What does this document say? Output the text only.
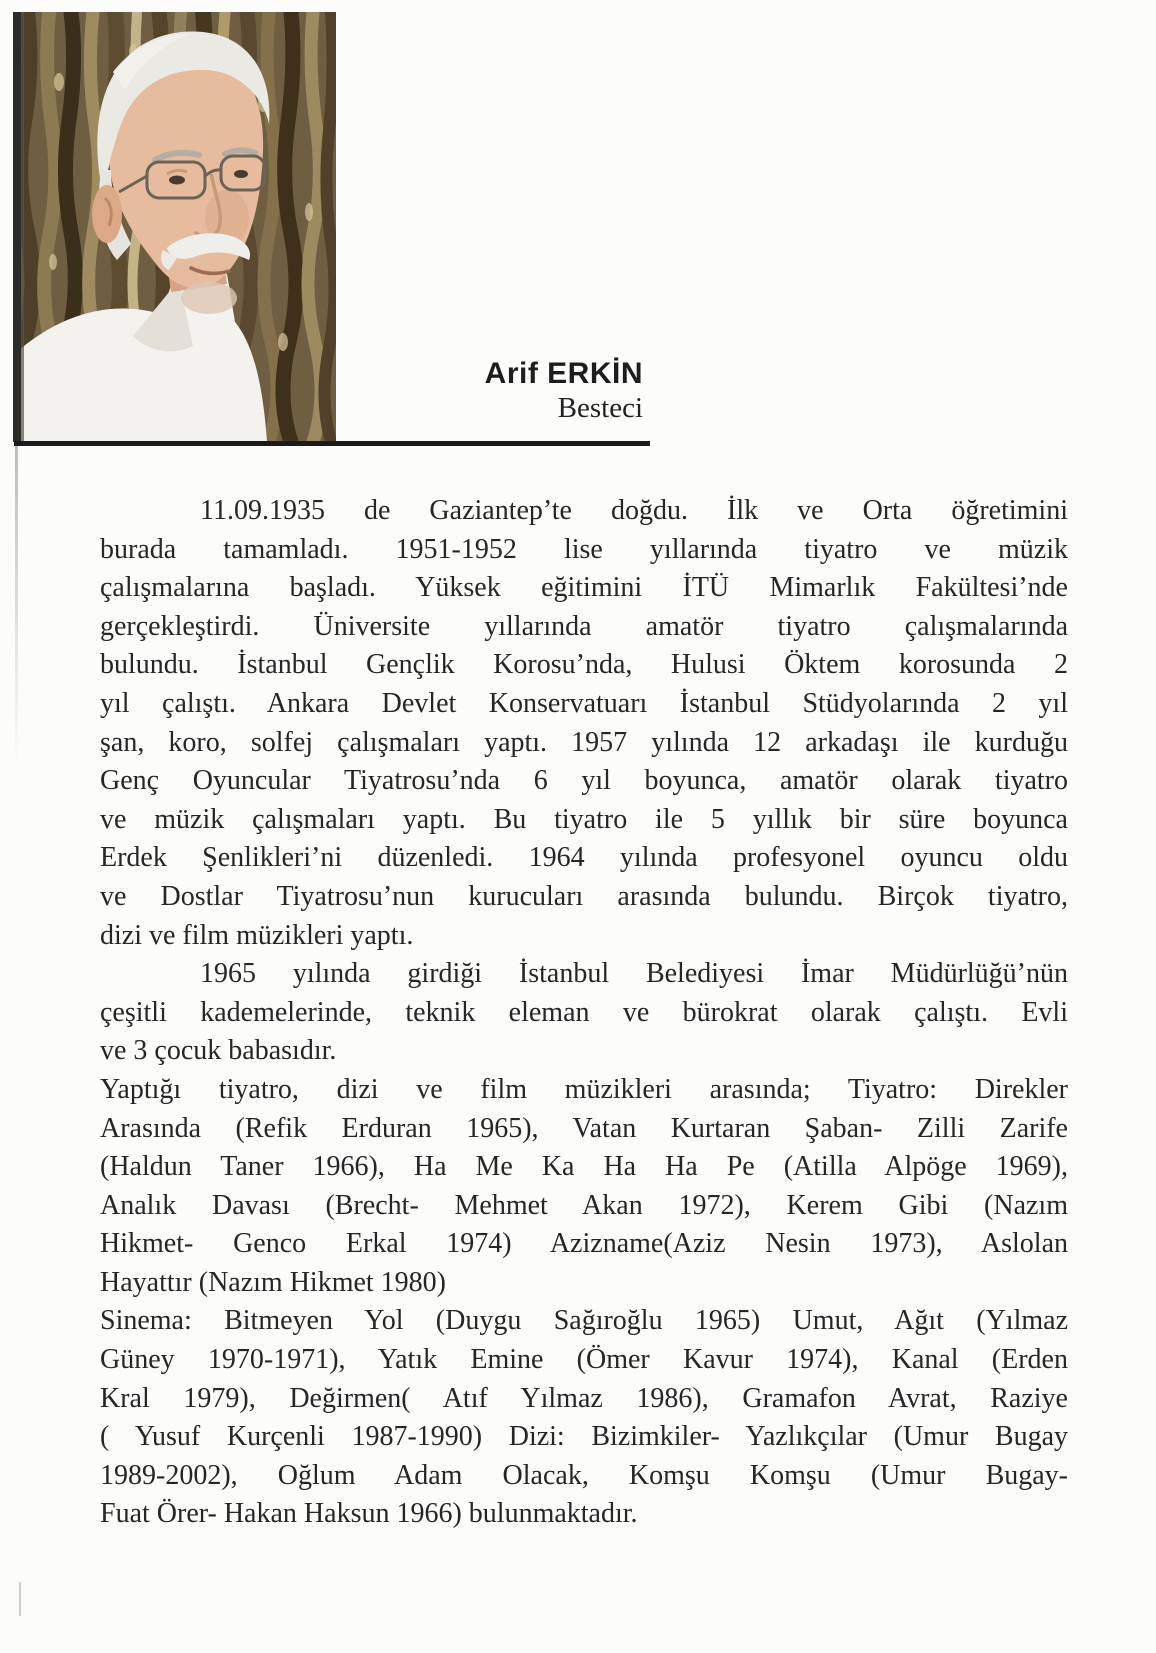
Arif ERKİN
Besteci
11.09.1935 de Gaziantep’te doğdu. İlk ve Orta öğretimini
burada tamamladı. 1951-1952 lise yıllarında tiyatro ve müzik
çalışmalarına başladı. Yüksek eğitimini İTÜ Mimarlık Fakültesi’nde
gerçekleştirdi. Üniversite yıllarında amatör tiyatro çalışmalarında
bulundu. İstanbul Gençlik Korosu’nda, Hulusi Öktem korosunda 2
yıl çalıştı. Ankara Devlet Konservatuarı İstanbul Stüdyolarında 2 yıl
şan, koro, solfej çalışmaları yaptı. 1957 yılında 12 arkadaşı ile kurduğu
Genç Oyuncular Tiyatrosu’nda 6 yıl boyunca, amatör olarak tiyatro
ve müzik çalışmaları yaptı. Bu tiyatro ile 5 yıllık bir süre boyunca
Erdek Şenlikleri’ni düzenledi. 1964 yılında profesyonel oyuncu oldu
ve Dostlar Tiyatrosu’nun kurucuları arasında bulundu. Birçok tiyatro,
dizi ve film müzikleri yaptı.
1965 yılında girdiği İstanbul Belediyesi İmar Müdürlüğü’nün
çeşitli kademelerinde, teknik eleman ve bürokrat olarak çalıştı. Evli
ve 3 çocuk babasıdır.
Yaptığı tiyatro, dizi ve film müzikleri arasında; Tiyatro: Direkler
Arasında (Refik Erduran 1965), Vatan Kurtaran Şaban- Zilli Zarife
(Haldun Taner 1966), Ha Me Ka Ha Ha Pe (Atilla Alpöge 1969),
Analık Davası (Brecht- Mehmet Akan 1972), Kerem Gibi (Nazım
Hikmet- Genco Erkal 1974) Azizname(Aziz Nesin 1973), Aslolan
Hayattır (Nazım Hikmet 1980)
Sinema: Bitmeyen Yol (Duygu Sağıroğlu 1965) Umut, Ağıt (Yılmaz
Güney 1970-1971), Yatık Emine (Ömer Kavur 1974), Kanal (Erden
Kral 1979), Değirmen( Atıf Yılmaz 1986), Gramafon Avrat, Raziye
( Yusuf Kurçenli 1987-1990) Dizi: Bizimkiler- Yazlıkçılar (Umur Bugay
1989-2002), Oğlum Adam Olacak, Komşu Komşu (Umur Bugay-
Fuat Örer- Hakan Haksun 1966) bulunmaktadır.
